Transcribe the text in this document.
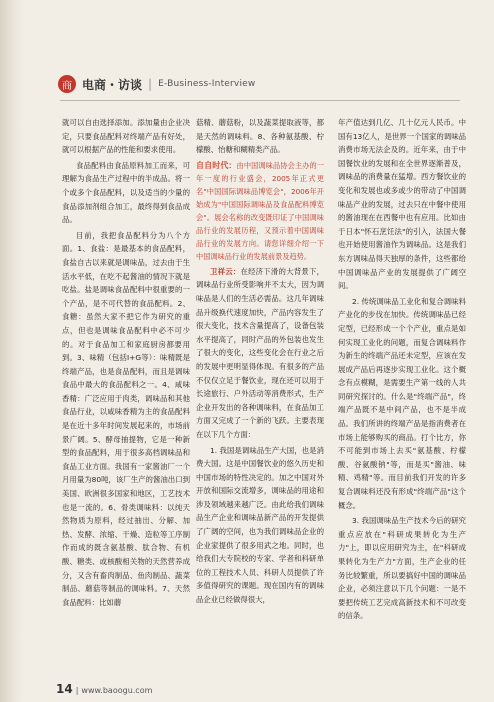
商 电商・访谈 | E-Business-Interview

就可以自由选择添加。添加量由企业决定，只要食品配料对终端产品有好处，就可以根据产品的性能和要求使用。

食品配料由食品原料加工而来，可理解为食品生产过程中的半成品。将一个或多个食品配料，以及适当的少量的食品添加剂组合加工，最终得到食品成品。

目前，我把食品配料分为八个方面。1、食盐：是最基本的食品配料，食盐自古以来就是调味品，过去由于生活水平低，在吃不起酱油的情况下就是吃盐。盐是调味食品配料中很重要的一个产品，是不可代替的食品配料。2、食糖：虽然大家不把它作为研究的重点，但也是调味食品配料中必不可少的。对于食品加工和家庭厨房都要用到。3、味精（包括I+G等）：味精既是终端产品，也是食品配料，而且是调味食品中最大的食品配料之一。4、咸味香精：广泛应用于肉类，调味品和其他食品行业，以咸味香精为主的食品配料是在近十多年时间发展起来的，市场前景广阔。5、酵母抽提物，它是一种新型的食品配料，用于很多高档调味品和食品工业方面。我国有一家酱油厂一个月用量为80吨，该厂生产的酱油出口到美国、欧洲很多国家和地区，工艺技术也是一流的。6、骨类调味料：以纯天然物质为原料，经过抽出、分解、加热、发酵、浓缩、干燥、造粒等工序制作而成的既含氨基酸、肽合物、有机酸、糖类、或核酸相关物的天然营养成分，又含有畜肉制品、鱼肉制品、蔬菜制品、蘑菇等制品的调味料。7、天然食品配料：比如蘑

菇精、蘑菇粉，以及蔬菜提取液等，都是天然的调味料。8、各种氨基酸、柠檬酸、怡糖和糊精类产品。

自自时代：由中国调味品协会主办的一年一度的行业盛会，2005年正式更名"中国国际调味品博览会"，2006年开始成为"中国国际调味品及食品配料博览会"。展会名称的改变既印证了中国调味品行业的发展历程，又预示着中国调味品行业的发展方向。请您详细介绍一下中国调味品行业的发展前景及趋势。

卫祥云：在经济下滑的大背景下，调味品行业所受影响并不太大，因为调味品是人们的生活必需品。这几年调味品升级换代速度加快，产品内容发生了很大变化，技术含量提高了，设备包装水平提高了，同时产品的外包装也发生了很大的变化，这些变化会在行业之后的发展中更明显得体现。有很多的产品不仅仅立足于餐饮业，现在还可以用于长途旅行、户外活动等消费形式，生产企业开发出的各种调味料，在食品加工方面又完成了一个新的飞跃。主要表现在以下几个方面：

1. 我国是调味品生产大国，也是消费大国。这是中国餐饮业的悠久历史和中国市场的特性决定的。加之中国对外开放和国际交流增多，调味品的用途和涉及领域越来越广泛。由此给我们调味品生产企业和调味品新产品的开发提供了广阔的空间，也为我们调味品企业的企业家提供了很多用武之地。同时，也给我们大专院校的专家、学者和科研单位的工程技术人员、科研人员提供了许多值得研究的课题。现在国内有的调味品企业已经做得很大，

年产值达到几亿、几十亿元人民币。中国有13亿人，是世界一个国家的调味品消费市场无法企及的。近年来，由于中国餐饮业的发展和在全世界逐渐普及，调味品的消费量在猛增。西方餐饮业的变化和发展也或多或少的带动了中国调味品产业的发展，过去只在中餐中使用的酱油现在在西餐中也有应用。比如由于日本"怀石烹饪法"的引入，法国大餐也开始使用酱油作为调味品。这是我们东方调味品得天独厚的条件，这些都给中国调味品产业的发展提供了广阔空间。

2. 传统调味品工业化和复合调味料产业化的步伐在加快。传统调味品已经定型，已经形成一个个产业，重点是如何实现工业化的问题，而复合调味料作为新生的终端产品还未定型，应该在发展成产品后再逐步实现工业化。这个概念有点模糊，是需要生产第一线的人共同研究探讨的。什么是"终端产品"，终端产品既不是中间产品，也不是半成品。我们所讲的终端产品是指消费者在市场上能够购买的商品。打个比方，你不可能到市场上去买"氨基酸、柠檬酸、谷氨酸钠"等，而是买"酱油、味精、鸡精"等。而目前我们开发的许多复合调味料还没有形成"终端产品"这个概念。

3. 我国调味品生产技术今后的研究重点应放在"科研成果转化为生产力"上，即以应用研究为主，在"科研成果转化为生产力"方面，生产企业的任务比较繁重，所以要搞好中国的调味品企业，必须注意以下几个问题：一是不要把传统工艺完成高新技术和不可改变的信条。

14 | www.baoogu.com
